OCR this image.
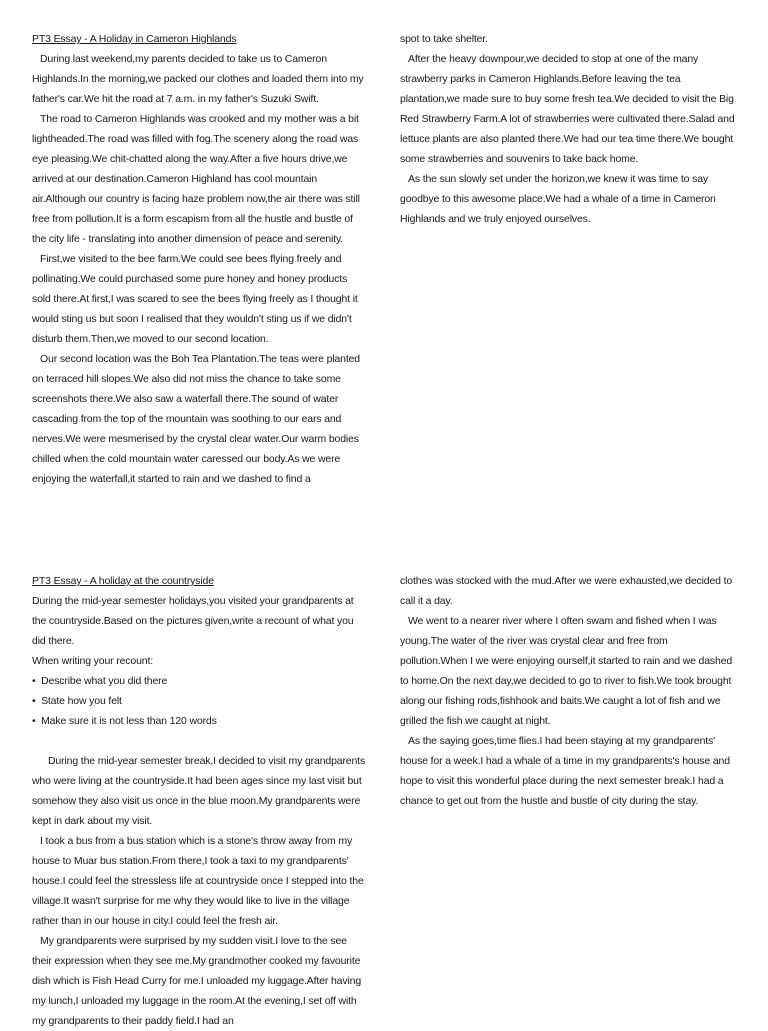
PT3 Essay - A Holiday in Cameron Highlands

During last weekend,my parents decided to take us to Cameron Highlands.In the morning,we packed our clothes and loaded them into my father's car.We hit the road at 7 a.m. in my father's Suzuki Swift.

The road to Cameron Highlands was crooked and my mother was a bit lightheaded.The road was filled with fog.The scenery along the road was eye pleasing.We chit-chatted along the way.After a five hours drive,we arrived at our destination.Cameron Highland has cool mountain air.Although our country is facing haze problem now,the air there was still free from pollution.It is a form escapism from all the hustle and bustle of the city life - translating into another dimension of peace and serenity.

First,we visited to the bee farm.We could see bees flying freely and pollinating.We could purchased some pure honey and honey products sold there.At first,I was scared to see the bees flying freely as I thought it would sting us but soon I realised that they wouldn't sting us if we didn't disturb them.Then,we moved to our second location.

Our second location was the Boh Tea Plantation.The teas were planted on terraced hill slopes.We also did not miss the chance to take some screenshots there.We also saw a waterfall there.The sound of water cascading from the top of the mountain was soothing to our ears and nerves.We were mesmerised by the crystal clear water.Our warm bodies chilled when the cold mountain water caressed our body.As we were enjoying the waterfall,it started to rain and we dashed to find a

spot to take shelter.

After the heavy downpour,we decided to stop at one of the many strawberry parks in Cameron Highlands.Before leaving the tea plantation,we made sure to buy some fresh tea.We decided to visit the Big Red Strawberry Farm.A lot of strawberries were cultivated there.Salad and lettuce plants are also planted there.We had our tea time there.We bought some strawberries and souvenirs to take back home.

As the sun slowly set under the horizon,we knew it was time to say goodbye to this awesome place.We had a whale of a time in Cameron Highlands and we truly enjoyed ourselves.

PT3 Essay - A holiday at the countryside

During the mid-year semester holidays,you visited your grandparents at the countryside.Based on the pictures given,write a recount of what you did there.

When writing your recount:

•  Describe what you did there
•  State how you felt
•  Make sure it is not less than 120 words

During the mid-year semester break,I decided to visit my grandparents who were living at the countryside.It had been ages since my last visit but somehow they also visit us once in the blue moon.My grandparents were kept in dark about my visit.

I took a bus from a bus station which is a stone's throw away from my house to Muar bus station.From there,I took a taxi to my grandparents' house.I could feel the stressless life at countryside once I stepped into the village.It wasn't surprise for me why they would like to live in the village rather than in our house in city.I could feel the fresh air.

My grandparents were surprised by my sudden visit.I love to the see their expression when they see me.My grandmother cooked my favourite dish which is Fish Head Curry for me.I unloaded my luggage.After having my lunch,I unloaded my luggage in the room.At the evening,I set off with my grandparents to their paddy field.I had an

clothes was stocked with the mud.After we were exhausted,we decided to call it a day.

We went to a nearer river where I often swam and fished when I was young.The water of the river was crystal clear and free from pollution.When I we were enjoying ourself,it started to rain and we dashed to home.On the next day,we decided to go to river to fish.We took brought along our fishing rods,fishhook and baits.We caught a lot of fish and we grilled the fish we caught at night.

As the saying goes,time flies.I had been staying at my grandparents' house for a week.I had a whale of a time in my grandparents's house and hope to visit this wonderful place during the next semester break.I had a chance to get out from the hustle and bustle of city during the stay.
